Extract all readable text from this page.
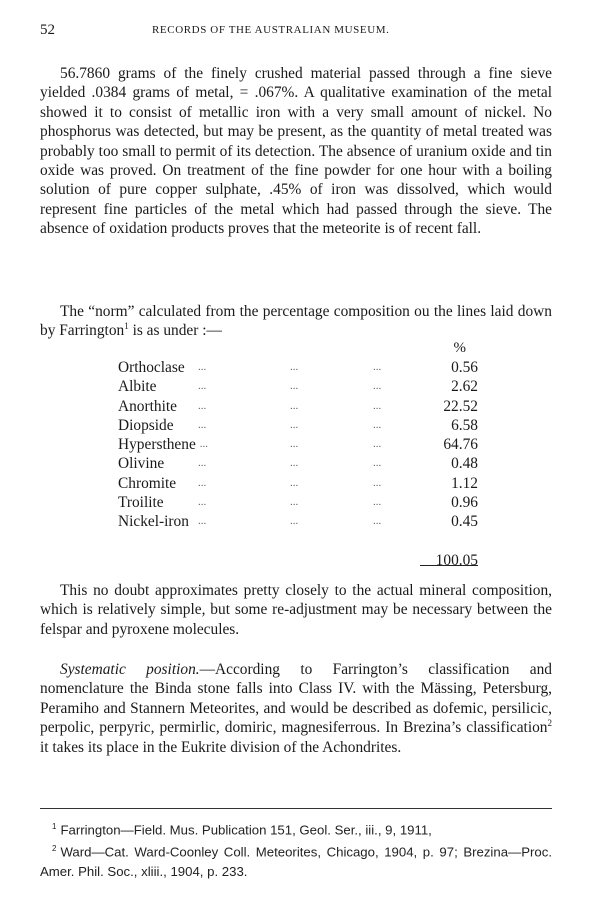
52	RECORDS OF THE AUSTRALIAN MUSEUM.

56.7860 grams of the finely crushed material passed through a fine sieve yielded .0384 grams of metal, = .067%. A qualitative examination of the metal showed it to consist of metallic iron with a very small amount of nickel. No phosphorus was detected, but may be present, as the quantity of metal treated was probably too small to permit of its detection. The absence of uranium oxide and tin oxide was proved. On treatment of the fine powder for one hour with a boiling solution of pure copper sulphate, .45% of iron was dissolved, which would represent fine particles of the metal which had passed through the sieve. The absence of oxidation products proves that the meteorite is of recent fall.

The “norm” calculated from the percentage composition ou the lines laid down by Farrington$^1$ is as under :—

%
Orthoclase ...	...	...	0.56
Albite	...	...	...	2.62
Anorthite ...	...	...	22.52
Diopside ...	...	...	6.58
Hypersthene ...	...	...	64.76
Olivine	...	...	...	0.48
Chromite ...	...	...	1.12
Troilite	...	...	...	0.96
Nickel-iron ...	...	...	0.45
100.05

This no doubt approximates pretty closely to the actual mineral composition, which is relatively simple, but some re-adjustment may be necessary between the felspar and pyroxene molecules.

Systematic position.—According to Farrington’s classification and nomenclature the Binda stone falls into Class IV. with the Mässing, Petersburg, Peramiho and Stannern Meteorites, and would be described as dofemic, persilicic, perpolic, perpyric, permirlic, domiric, magnesiferrous. In Brezina’s classification$^2$ it takes its place in the Eukrite division of the Achondrites.

$^1$ Farrington—Field. Mus. Publication 151, Geol. Ser., iii., 9, 1911,

$^2$ Ward—Cat. Ward-Coonley Coll. Meteorites, Chicago, 1904, p. 97; Brezina—Proc. Amer. Phil. Soc., xliii., 1904, p. 233.
